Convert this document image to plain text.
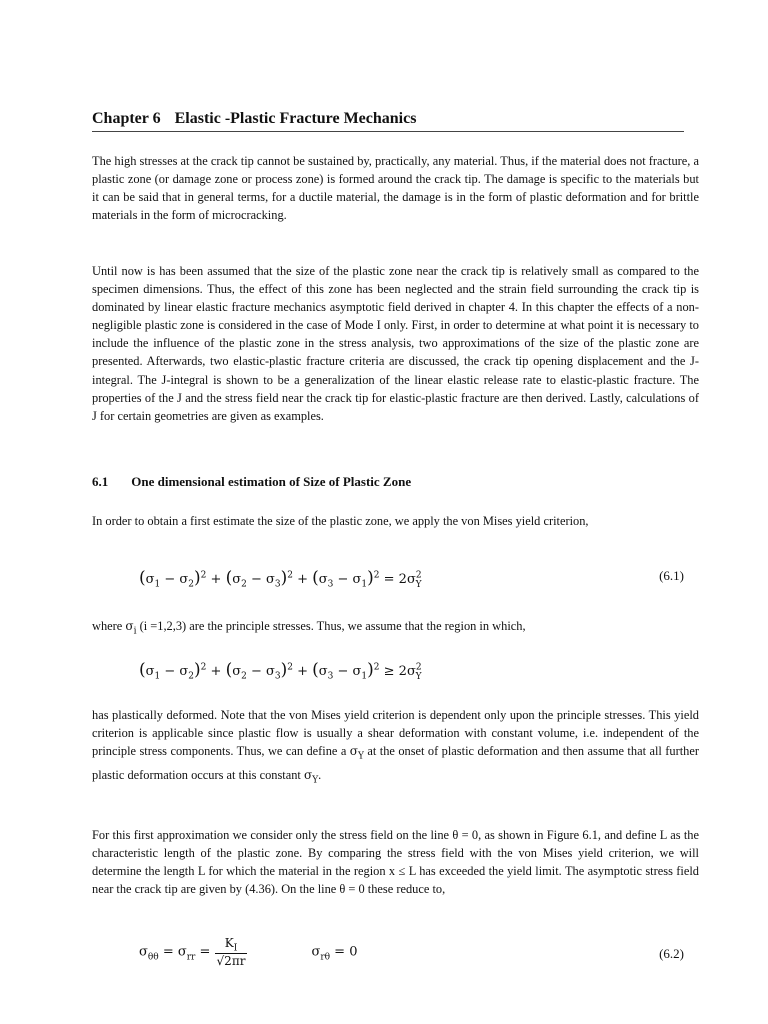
Chapter 6 Elastic -Plastic Fracture Mechanics

The high stresses at the crack tip cannot be sustained by, practically, any material. Thus, if the material does not fracture, a plastic zone (or damage zone or process zone) is formed around the crack tip. The damage is specific to the materials but it can be said that in general terms, for a ductile material, the damage is in the form of plastic deformation and for brittle materials in the form of microcracking.

Until now is has been assumed that the size of the plastic zone near the crack tip is relatively small as compared to the specimen dimensions. Thus, the effect of this zone has been neglected and the strain field surrounding the crack tip is dominated by linear elastic fracture mechanics asymptotic field derived in chapter 4. In this chapter the effects of a non-negligible plastic zone is considered in the case of Mode I only. First, in order to determine at what point it is necessary to include the influence of the plastic zone in the stress analysis, two approximations of the size of the plastic zone are presented. Afterwards, two elastic-plastic fracture criteria are discussed, the crack tip opening displacement and the J-integral. The J-integral is shown to be a generalization of the linear elastic release rate to elastic-plastic fracture. The properties of the J and the stress field near the crack tip for elastic-plastic fracture are then derived. Lastly, calculations of J for certain geometries are given as examples.

6.1 One dimensional estimation of Size of Plastic Zone

In order to obtain a first estimate the size of the plastic zone, we apply the von Mises yield criterion,

$(\sigma_1 - \sigma_2)^2 + (\sigma_2 - \sigma_3)^2 + (\sigma_3 - \sigma_1)^2 = 2\sigma^2_Y$
(6.1)

where $\sigma_i$ (i =1,2,3) are the principle stresses. Thus, we assume that the region in which,

$(\sigma_1 - \sigma_2)^2 + (\sigma_2 - \sigma_3)^2 + (\sigma_3 - \sigma_1)^2 \ge 2\sigma^2_Y$

has plastically deformed. Note that the von Mises yield criterion is dependent only upon the principle stresses. This yield criterion is applicable since plastic flow is usually a shear deformation with constant volume, i.e. independent of the principle stress components. Thus, we can define a $\sigma_Y$ at the onset of plastic deformation and then assume that all further plastic deformation occurs at this constant $\sigma_Y$.

For this first approximation we consider only the stress field on the line θ = 0, as shown in Figure 6.1, and define L as the characteristic length of the plastic zone. By comparing the stress field with the von Mises yield criterion, we will determine the length L for which the material in the region x ≤ L has exceeded the yield limit. The asymptotic stress field near the crack tip are given by (4.36). On the line θ = 0 these reduce to,

$\sigma_{\theta\theta} = \sigma_{rr} = \frac{K_I}{√2\pi r}$	$\sigma_{r\theta} = 0$	(6.2)
